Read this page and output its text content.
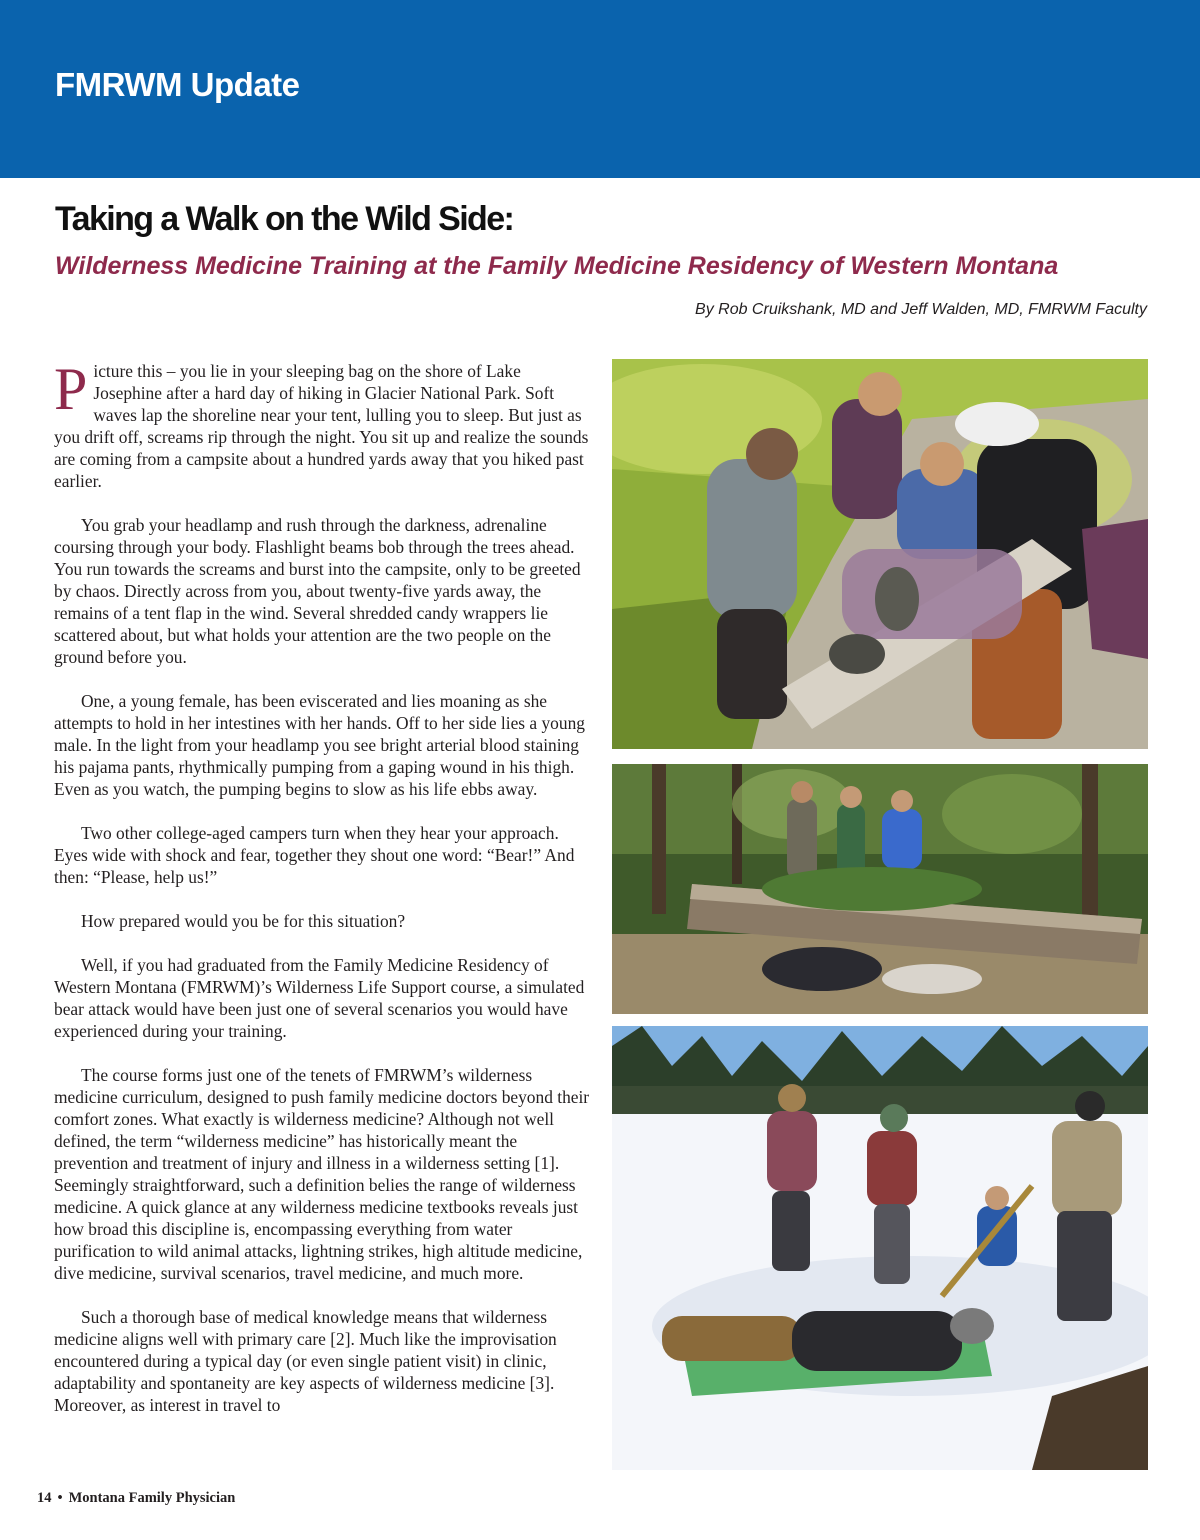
FMRWM Update
Taking a Walk on the Wild Side:
Wilderness Medicine Training at the Family Medicine Residency of Western Montana

By Rob Cruikshank, MD and Jeff Walden, MD, FMRWM Faculty

Picture this – you lie in your sleeping bag on the shore of Lake Josephine after a hard day of hiking in Glacier National Park. Soft waves lap the shoreline near your tent, lulling you to sleep. But just as you drift off, screams rip through the night. You sit up and realize the sounds are coming from a campsite about a hundred yards away that you hiked past earlier.

You grab your headlamp and rush through the darkness, adrenaline coursing through your body. Flashlight beams bob through the trees ahead. You run towards the screams and burst into the campsite, only to be greeted by chaos. Directly across from you, about twenty-five yards away, the remains of a tent flap in the wind. Several shredded candy wrappers lie scattered about, but what holds your attention are the two people on the ground before you.

One, a young female, has been eviscerated and lies moaning as she attempts to hold in her intestines with her hands. Off to her side lies a young male. In the light from your headlamp you see bright arterial blood staining his pajama pants, rhythmically pumping from a gaping wound in his thigh. Even as you watch, the pumping begins to slow as his life ebbs away.

Two other college-aged campers turn when they hear your approach. Eyes wide with shock and fear, together they shout one word: “Bear!” And then: “Please, help us!”

How prepared would you be for this situation?

Well, if you had graduated from the Family Medicine Residency of Western Montana (FMRWM)’s Wilderness Life Support course, a simulated bear attack would have been just one of several scenarios you would have experienced during your training.

The course forms just one of the tenets of FMRWM’s wilderness medicine curriculum, designed to push family medicine doctors beyond their comfort zones. What exactly is wilderness medicine? Although not well defined, the term “wilderness medicine” has historically meant the prevention and treatment of injury and illness in a wilderness setting [1]. Seemingly straightforward, such a definition belies the range of wilderness medicine. A quick glance at any wilderness medicine textbooks reveals just how broad this discipline is, encompassing everything from water purification to wild animal attacks, lightning strikes, high altitude medicine, dive medicine, survival scenarios, travel medicine, and much more.

Such a thorough base of medical knowledge means that wilderness medicine aligns well with primary care [2]. Much like the improvisation encountered during a typical day (or even single patient visit) in clinic, adaptability and spontaneity are key aspects of wilderness medicine [3]. Moreover, as interest in travel to

14 • Montana Family Physician
